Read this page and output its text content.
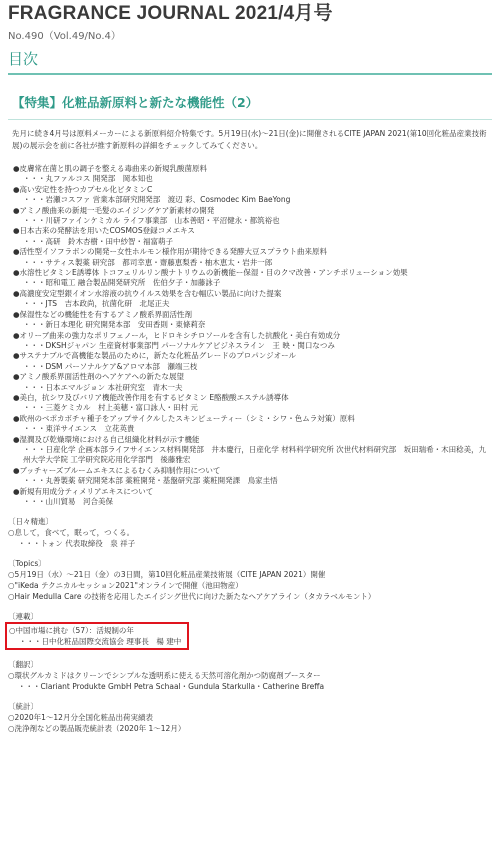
FRAGRANCE JOURNAL 2021/4月号
No.490（Vol.49/No.4）
目次
【特集】化粧品新原料と新たな機能性（2）
先月に続き4月号は原料メーカーによる新原料紹介特集です。5月19日(水)〜21日(金)に開催されるCITE JAPAN 2021(第10回化粧品産業技術展)の展示会を前に各社が推す新原料の詳細をチェックしてみてください。
●皮膚常在菌と肌の調子を整える毒曲来の新規乳酸菌原料
・・・丸ファルコス 開発部　岡本知也
●高い安定性を持つカプセル化ビタミンC
・・・岩瀬コスファ 営業本部研究開発部　渡辺 彩、Cosmodec Kim BaeYong
●アミノ酸曲来の新規一毛髪のエイジングケア新素材の開発
・・・川研ファインケミカル ライフ事業部　山本善昭・平沼健永・都筑裕也
●日本古来の発酵法を用いたCOSMOS登録コメエキス
・・・高研　鈴木杏樹・田中紗智・福富萌子
●活性型イソフラボンの開発ー女性ホルモン様作用が期待できる発酵大豆スプラウト曲来原料
・・・サティス製薬 研究部　都司幸恵・齋藤恵梨香・柚木恵太・岩井一郎
●水溶性ビタミンE誘導体 トコフェリルリン酸ナトリウムの新機能ー保湿・目のクマ改善・アンチポリューション効果
・・・昭和電工 融合製品開発研究所　佐伯夕子・加藤詠子
●高濃度安定型銀イオン水溶液の抗ウイルス効果を含む幅広い製品に向けた提案
・・・JTS　吉本政尚，抗菌化研　北尾正夫
●保湿性などの機能性を有するアミノ酸系界面活性剤
・・・新日本理化 研究開発本部　安田香則・東條莉奈
●オリーブ曲来の強力なポリフェノール，ヒドロキシチロソールを含有した抗酸化・美白有効成分
・・・DKSHジャパン 生産資材事業部門 パーソナルケアビジネスライン　王 映・関口なつみ
●サステナブルで高機能な製品のために，新たな化粧品グレードのプロパンジオール
・・・DSM パーソナルケア&アロマ本部　瀬端三枝
●アミノ酸系界面活性剤のヘアケアへの新たな展望
・・・日本エマルジョン 本社研究室　青木一夫
●美白，抗シワ及びバリア機能改善作用を有するビタミン E酪酸酸エステル誘導体
・・・三菱ケミカル　村上美穂・富口詠人・田村 元
●欧州のベポカボチャ種子をアップサイクルしたスキンビューティー（シミ・シワ・色ムラ対策）原料
・・・東洋サイエンス　立花英貴
●湿潤及び乾燥環境における自己組織化材料が示す機能
・・・日産化学 企画本部ライフサイエンス材料開発部　井本慶行，日産化学 材料科学研究所 次世代材料研究部　坂田瑞希・木田稔美，九州大学大学院 工学研究院応用化学部門　後藤雅宏
●ブッチャーズブルームエキスによるむくみ抑制作用について
・・・丸善製薬 研究開発本部 薬粧開発・基盤研究部 薬粧開発課　鳥家圭悟
●新規有用成分ティメリアエキスについて
・・・山川貿易　河合美保
〔日々精進〕
○息して，食べて，眠って，つくる。
・・・トォン 代表取締役　泉 祥子
〔Topics〕
○5月19日（水）〜21日（金）の3日間，第10回化粧品産業技術展（CITE JAPAN 2021）開催
○"iKeda テクニカルセッション2021"オンラインで開催（池田物産）
○Hair Medulla Care の技術を応用したエイジング世代に向けた新たなヘアケアライン（タカラベルモント）
〔連載〕
○中国市場に挑む（57）：活規制の年
・・・日中化粧品国際交流協会 理事長　楊 建中
〔翻訳〕
○環状グルカミドはクリーンでシンプルな透明系に使える天然可溶化剤かつ防腐剤ブースター
・・・Clariant Produkte GmbH Petra Schaal・Gundula Starkulla・Catherine Breffa
〔統計〕
○2020年1〜12月分全国化粧品出荷実績表
○洗浄剤などの製品販売統計表（2020年 1〜12月）
